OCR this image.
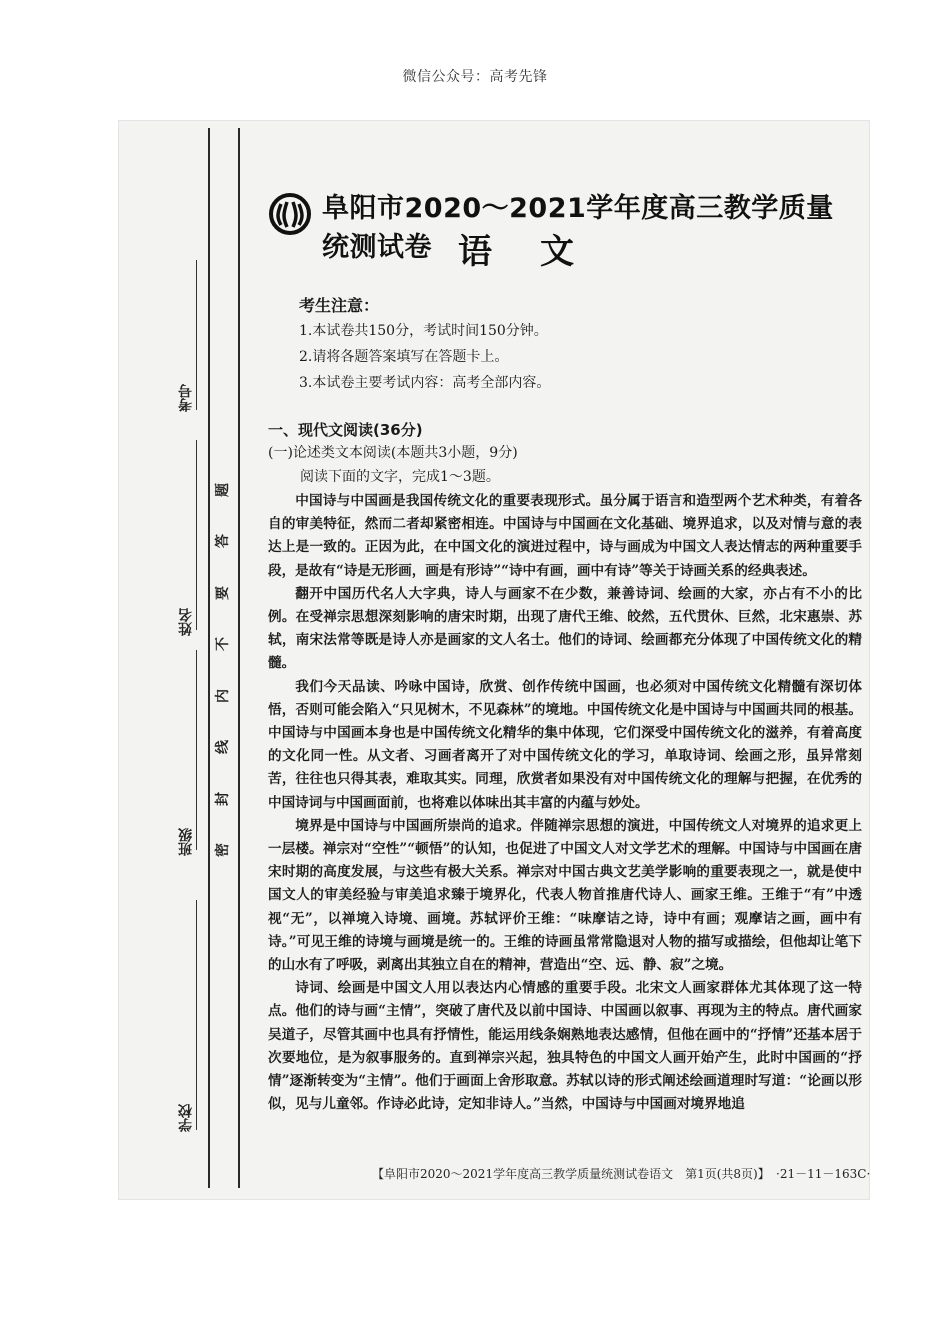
微信公众号：高考先锋
考号
姓名
班级
学校
密
封
线
内
不
要
答
题
阜阳市2020～2021学年度高三教学质量统测试卷 语文
考生注意：
1.本试卷共150分，考试时间150分钟。
2.请将各题答案填写在答题卡上。
3.本试卷主要考试内容：高考全部内容。
一、现代文阅读(36分)
(一)论述类文本阅读(本题共3小题，9分)
阅读下面的文字，完成1～3题。

中国诗与中国画是我国传统文化的重要表现形式。虽分属于语言和造型两个艺术种类，有着各自的审美特征，然而二者却紧密相连。中国诗与中国画在文化基础、境界追求，以及对情与意的表达上是一致的。正因为此，在中国文化的演进过程中，诗与画成为中国文人表达情志的两种重要手段，是故有“诗是无形画，画是有形诗”“诗中有画，画中有诗”等关于诗画关系的经典表述。

翻开中国历代名人大字典，诗人与画家不在少数，兼善诗词、绘画的大家，亦占有不小的比例。在受禅宗思想深刻影响的唐宋时期，出现了唐代王维、皎然，五代贯休、巨然，北宋惠崇、苏轼，南宋法常等既是诗人亦是画家的文人名士。他们的诗词、绘画都充分体现了中国传统文化的精髓。

我们今天品读、吟咏中国诗，欣赏、创作传统中国画，也必须对中国传统文化精髓有深切体悟，否则可能会陷入“只见树木，不见森林”的境地。中国传统文化是中国诗与中国画共同的根基。中国诗与中国画本身也是中国传统文化精华的集中体现，它们深受中国传统文化的滋养，有着高度的文化同一性。从文者、习画者离开了对中国传统文化的学习，单取诗词、绘画之形，虽异常刻苦，往往也只得其表，难取其实。同理，欣赏者如果没有对中国传统文化的理解与把握，在优秀的中国诗词与中国画面前，也将难以体味出其丰富的内蕴与妙处。

境界是中国诗与中国画所崇尚的追求。伴随禅宗思想的演进，中国传统文人对境界的追求更上一层楼。禅宗对“空性”“顿悟”的认知，也促进了中国文人对文学艺术的理解。中国诗与中国画在唐宋时期的高度发展，与这些有极大关系。禅宗对中国古典文艺美学影响的重要表现之一，就是使中国文人的审美经验与审美追求臻于境界化，代表人物首推唐代诗人、画家王维。王维于“有”中透视“无”，以禅境入诗境、画境。苏轼评价王维：“味摩诘之诗，诗中有画；观摩诘之画，画中有诗。”可见王维的诗境与画境是统一的。王维的诗画虽常常隐退对人物的描写或描绘，但他却让笔下的山水有了呼吸，剥离出其独立自在的精神，营造出“空、远、静、寂”之境。

诗词、绘画是中国文人用以表达内心情感的重要手段。北宋文人画家群体尤其体现了这一特点。他们的诗与画“主情”，突破了唐代及以前中国诗、中国画以叙事、再现为主的特点。唐代画家吴道子，尽管其画中也具有抒情性，能运用线条娴熟地表达感情，但他在画中的“抒情”还基本居于次要地位，是为叙事服务的。直到禅宗兴起，独具特色的中国文人画开始产生，此时中国画的“抒情”逐渐转变为“主情”。他们于画面上舍形取意。苏轼以诗的形式阐述绘画道理时写道：“论画以形似，见与儿童邻。作诗必此诗，定知非诗人。”当然，中国诗与中国画对境界地追

【阜阳市2020～2021学年度高三教学质量统测试卷语文　第1页(共8页)】 ·21－11－163C·
